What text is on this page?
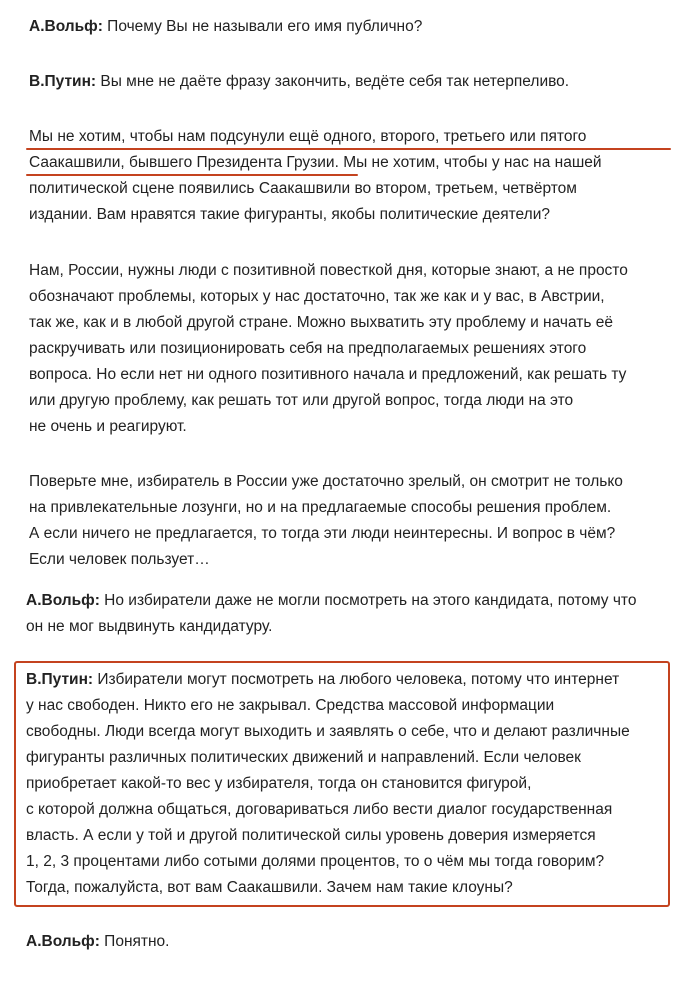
А.Вольф: Почему Вы не называли его имя публично?

В.Путин: Вы мне не даёте фразу закончить, ведёте себя так нетерпеливо.

Мы не хотим, чтобы нам подсунули ещё одного, второго, третьего или пятого
Саакашвили, бывшего Президента Грузии. Мы не хотим, чтобы у нас на нашей
политической сцене появились Саакашвили во втором, третьем, четвёртом
издании. Вам нравятся такие фигуранты, якобы политические деятели?

Нам, России, нужны люди с позитивной повесткой дня, которые знают, а не просто
обозначают проблемы, которых у нас достаточно, так же как и у вас, в Австрии,
так же, как и в любой другой стране. Можно выхватить эту проблему и начать её
раскручивать или позиционировать себя на предполагаемых решениях этого
вопроса. Но если нет ни одного позитивного начала и предложений, как решать ту
или другую проблему, как решать тот или другой вопрос, тогда люди на это
не очень и реагируют.

Поверьте мне, избиратель в России уже достаточно зрелый, он смотрит не только
на привлекательные лозунги, но и на предлагаемые способы решения проблем.
А если ничего не предлагается, то тогда эти люди неинтересны. И вопрос в чём?
Если человек пользует…

А.Вольф: Но избиратели даже не могли посмотреть на этого кандидата, потому что
он не мог выдвинуть кандидатуру.

В.Путин: Избиратели могут посмотреть на любого человека, потому что интернет
у нас свободен. Никто его не закрывал. Средства массовой информации
свободны. Люди всегда могут выходить и заявлять о себе, что и делают различные
фигуранты различных политических движений и направлений. Если человек
приобретает какой-то вес у избирателя, тогда он становится фигурой,
с которой должна общаться, договариваться либо вести диалог государственная
власть. А если у той и другой политической силы уровень доверия измеряется
1, 2, 3 процентами либо сотыми долями процентов, то о чём мы тогда говорим?
Тогда, пожалуйста, вот вам Саакашвили. Зачем нам такие клоуны?

А.Вольф: Понятно.
